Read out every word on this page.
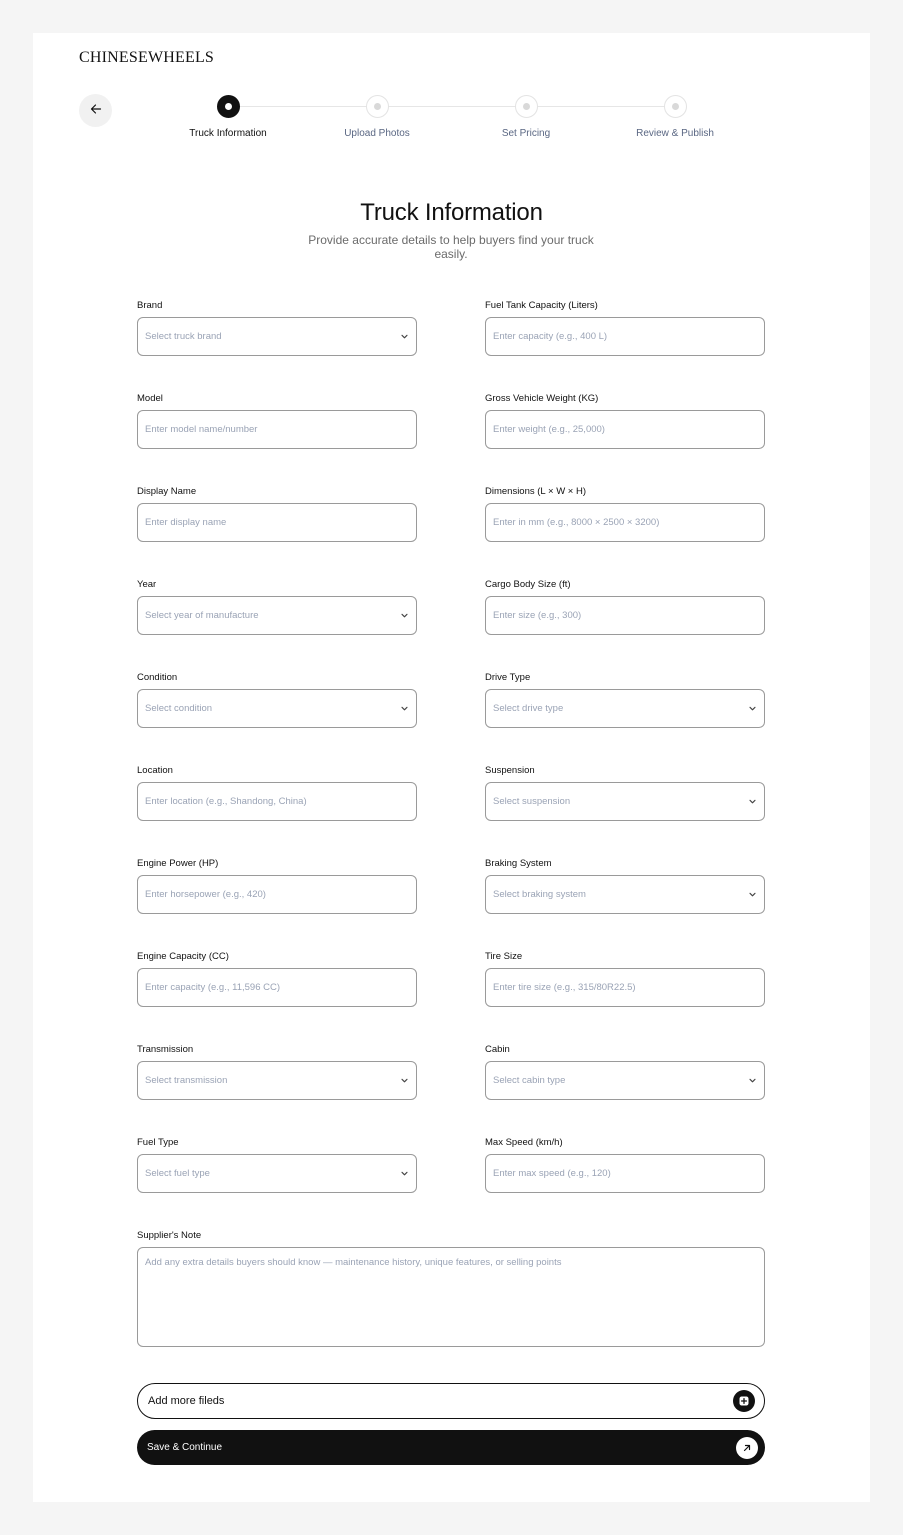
CHINESEWHEELS
Truck Information	Upload Photos	Set Pricing	Review & Publish
Truck Information

Provide accurate details to help buyers find your truck easily.

Brand
Select truck brand
Model
Enter model name/number
Display Name
Enter display name
Year
Select year of manufacture
Condition
Select condition
Location
Enter location (e.g., Shandong, China)
Engine Power (HP)
Enter horsepower (e.g., 420)
Engine Capacity (CC)
Enter capacity (e.g., 11,596 CC)
Transmission
Select transmission
Fuel Type
Select fuel type
Fuel Tank Capacity (Liters)
Enter capacity (e.g., 400 L)
Gross Vehicle Weight (KG)
Enter weight (e.g., 25,000)
Dimensions (L × W × H)
Enter in mm (e.g., 8000 × 2500 × 3200)
Cargo Body Size (ft)
Enter size (e.g., 300)
Drive Type
Select drive type
Suspension
Select suspension
Braking System
Select braking system
Tire Size
Enter tire size (e.g., 315/80R22.5)
Cabin
Select cabin type
Max Speed (km/h)
Enter max speed (e.g., 120)
Supplier's Note
Add any extra details buyers should know — maintenance history, unique features, or selling points
Add more fileds
Save & Continue
